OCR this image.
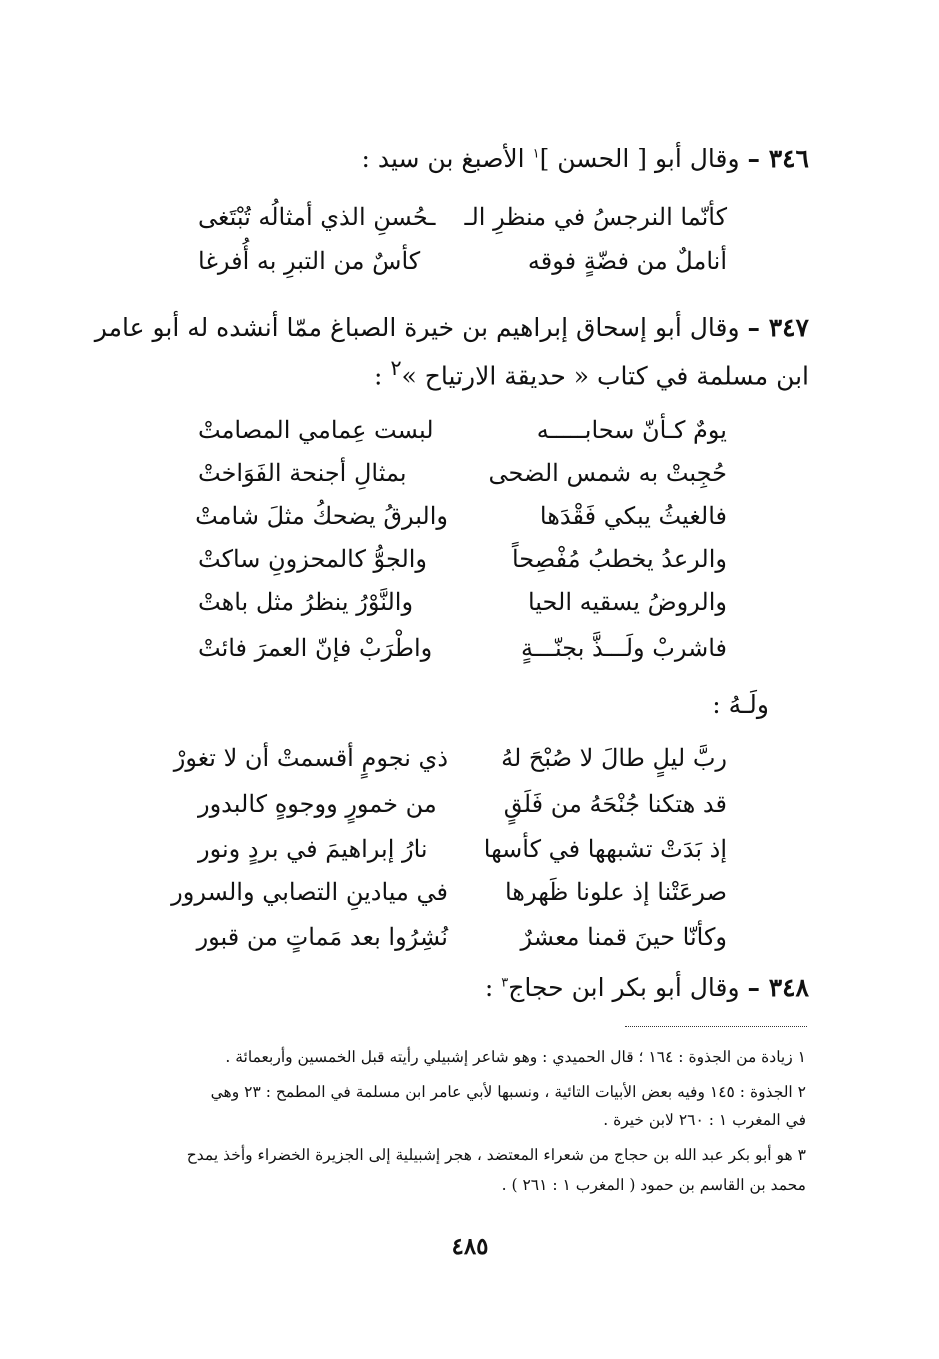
٣٤٦ – وقال أبو [ الحسن ]$^١$ الأصبغ بن سيد :
كأنّما النرجسُ في منظرِ الـ
ـحُسنِ الذي أمثالُه تُبْتَغى
أناملٌ من فضّةٍ فوقه
كأسٌ من التبرِ به أُفرغا
٣٤٧ – وقال أبو إسحاق إبراهيم بن خيرة الصباغ ممّا أنشده له أبو عامر
ابن مسلمة في كتاب « حديقة الارتياح »$^٢$ :
يومٌ كـأنّ سحابـــــه
لبست عِمامي المصامتْ
حُجِبتْ به شمس الضحى
بمثالِ أجنحة الفَوَاختْ
فالغيثُ يبكي فَقْدَها
والبرقُ يضحكُ مثلَ شامتْ
والرعدُ يخطبُ مُفْصِحاً
والجوُّ كالمحزونِ ساكتْ
والروضُ يسقيه الحيا
والنَّوْرُ ينظرُ مثل باهتْ
فاشربْ ولَـــذَّ بجنّـــةٍ
واطْرَبْ فإنّ العمرَ فائتْ
ولَـهُ :
ربَّ ليلٍ طالَ لا صُبْحَ لهُ
ذي نجومٍ أقسمتْ أن لا تغورْ
قد هتكنا جُنْحَهُ من فَلَقٍ
من خمورٍ ووجوهٍ كالبدور
إذ بَدَتْ تشبهها في كأسها
نارُ إبراهيمَ في بردٍ ونور
صرعَتْنا إذ علونا ظَهرها
في ميادينِ التصابي والسرور
وكأنّا حينَ قمنا معشرٌ
نُشِرُوا بعد مَماتٍ من قبور
٣٤٨ – وقال أبو بكر ابن حجاج$^٣$ :
١ زيادة من الجذوة : ١٦٤ ؛ قال الحميدي : وهو شاعر إشبيلي رأيته قبل الخمسين وأربعمائة .
٢ الجذوة : ١٤٥ وفيه بعض الأبيات التائية ، ونسبها لأبي عامر ابن مسلمة في المطمح : ٢٣ وهي
في المغرب ١ : ٢٦٠ لابن خيرة .
٣ هو أبو بكر عبد الله بن حجاج من شعراء المعتضد ، هجر إشبيلية إلى الجزيرة الخضراء وأخذ يمدح
محمد بن القاسم بن حمود ( المغرب ١ : ٢٦١ ) .
٤٨٥
